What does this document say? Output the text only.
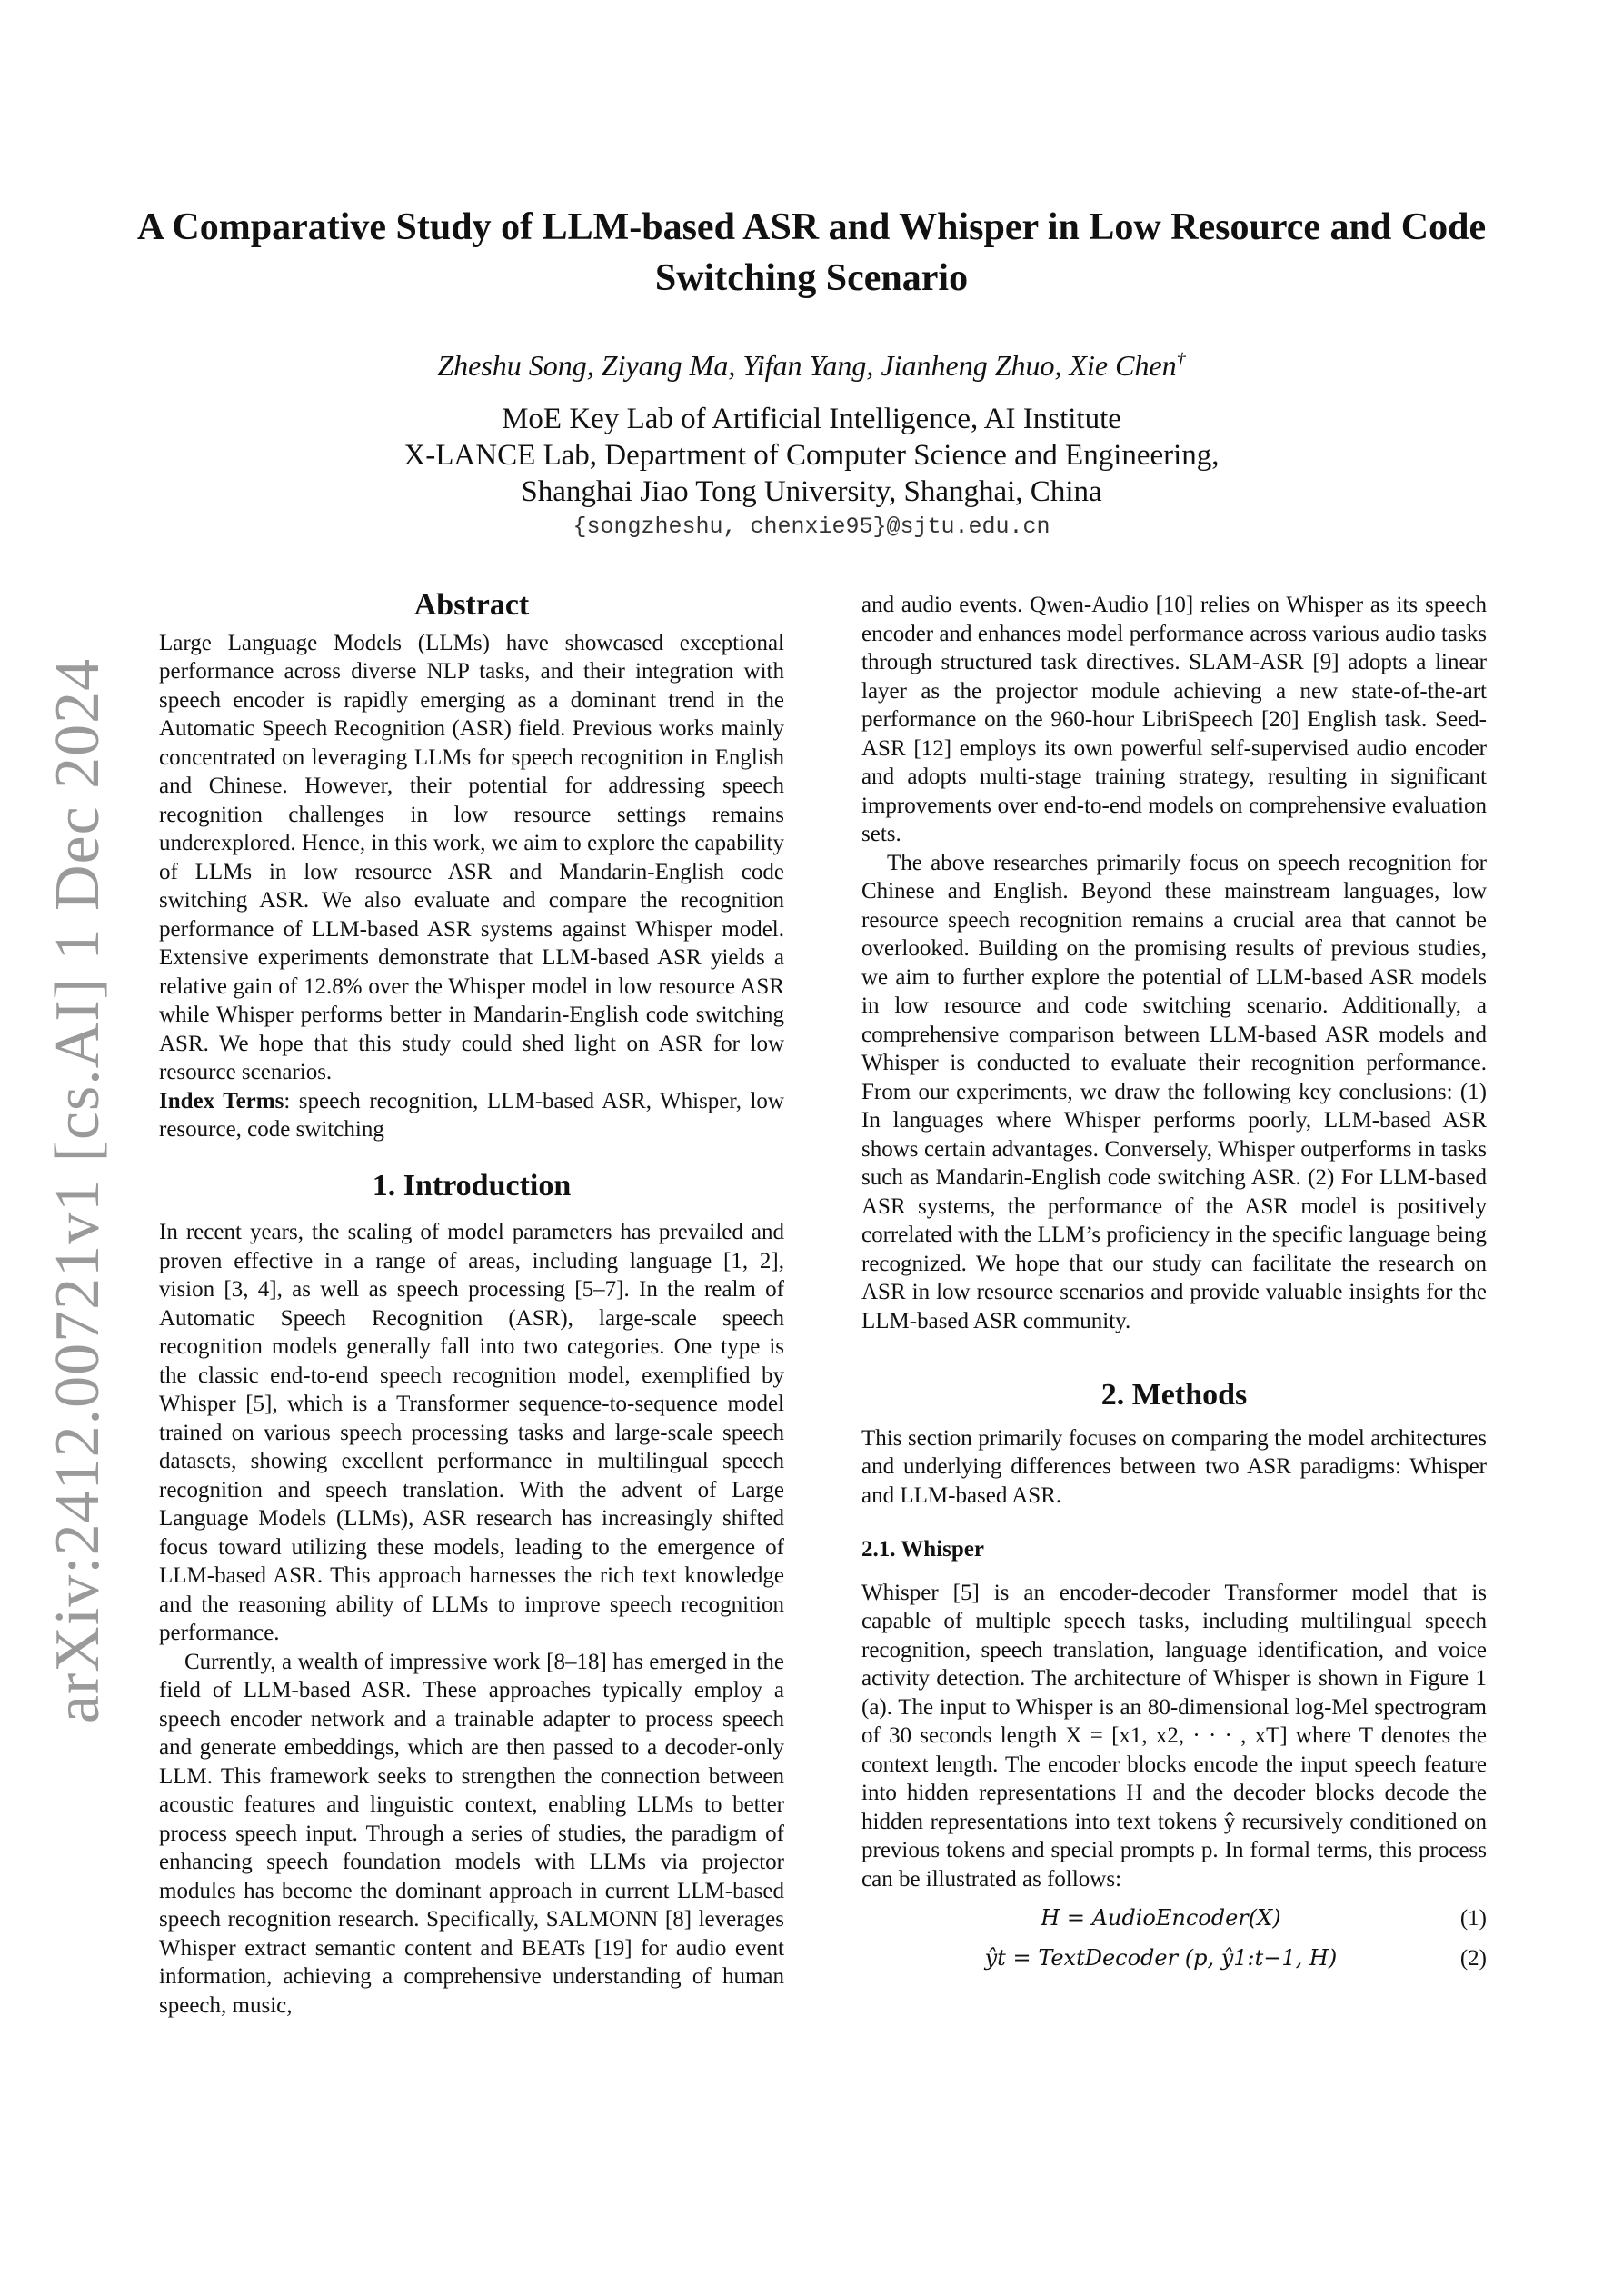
arXiv:2412.00721v1 [cs.AI] 1 Dec 2024
A Comparative Study of LLM-based ASR and Whisper in Low Resource and Code Switching Scenario
Zheshu Song, Ziyang Ma, Yifan Yang, Jianheng Zhuo, Xie Chen†
MoE Key Lab of Artificial Intelligence, AI Institute
X-LANCE Lab, Department of Computer Science and Engineering,
Shanghai Jiao Tong University, Shanghai, China
{songzheshu, chenxie95}@sjtu.edu.cn
Abstract

Large Language Models (LLMs) have showcased exceptional performance across diverse NLP tasks, and their integration with speech encoder is rapidly emerging as a dominant trend in the Automatic Speech Recognition (ASR) field. Previous works mainly concentrated on leveraging LLMs for speech recognition in English and Chinese. However, their potential for addressing speech recognition challenges in low resource settings remains underexplored. Hence, in this work, we aim to explore the capability of LLMs in low resource ASR and Mandarin-English code switching ASR. We also evaluate and compare the recognition performance of LLM-based ASR systems against Whisper model. Extensive experiments demonstrate that LLM-based ASR yields a relative gain of 12.8% over the Whisper model in low resource ASR while Whisper performs better in Mandarin-English code switching ASR. We hope that this study could shed light on ASR for low resource scenarios.

Index Terms: speech recognition, LLM-based ASR, Whisper, low resource, code switching

1. Introduction

In recent years, the scaling of model parameters has prevailed and proven effective in a range of areas, including language [1, 2], vision [3, 4], as well as speech processing [5–7]. In the realm of Automatic Speech Recognition (ASR), large-scale speech recognition models generally fall into two categories. One type is the classic end-to-end speech recognition model, exemplified by Whisper [5], which is a Transformer sequence-to-sequence model trained on various speech processing tasks and large-scale speech datasets, showing excellent performance in multilingual speech recognition and speech translation. With the advent of Large Language Models (LLMs), ASR research has increasingly shifted focus toward utilizing these models, leading to the emergence of LLM-based ASR. This approach harnesses the rich text knowledge and the reasoning ability of LLMs to improve speech recognition performance.

Currently, a wealth of impressive work [8–18] has emerged in the field of LLM-based ASR. These approaches typically employ a speech encoder network and a trainable adapter to process speech and generate embeddings, which are then passed to a decoder-only LLM. This framework seeks to strengthen the connection between acoustic features and linguistic context, enabling LLMs to better process speech input. Through a series of studies, the paradigm of enhancing speech foundation models with LLMs via projector modules has become the dominant approach in current LLM-based speech recognition research. Specifically, SALMONN [8] leverages Whisper extract semantic content and BEATs [19] for audio event information, achieving a comprehensive understanding of human speech, music,

and audio events. Qwen-Audio [10] relies on Whisper as its speech encoder and enhances model performance across various audio tasks through structured task directives. SLAM-ASR [9] adopts a linear layer as the projector module achieving a new state-of-the-art performance on the 960-hour LibriSpeech [20] English task. Seed-ASR [12] employs its own powerful self-supervised audio encoder and adopts multi-stage training strategy, resulting in significant improvements over end-to-end models on comprehensive evaluation sets.

The above researches primarily focus on speech recognition for Chinese and English. Beyond these mainstream languages, low resource speech recognition remains a crucial area that cannot be overlooked. Building on the promising results of previous studies, we aim to further explore the potential of LLM-based ASR models in low resource and code switching scenario. Additionally, a comprehensive comparison between LLM-based ASR models and Whisper is conducted to evaluate their recognition performance. From our experiments, we draw the following key conclusions: (1) In languages where Whisper performs poorly, LLM-based ASR shows certain advantages. Conversely, Whisper outperforms in tasks such as Mandarin-English code switching ASR. (2) For LLM-based ASR systems, the performance of the ASR model is positively correlated with the LLM’s proficiency in the specific language being recognized. We hope that our study can facilitate the research on ASR in low resource scenarios and provide valuable insights for the LLM-based ASR community.

2. Methods

This section primarily focuses on comparing the model architectures and underlying differences between two ASR paradigms: Whisper and LLM-based ASR.

2.1. Whisper

Whisper [5] is an encoder-decoder Transformer model that is capable of multiple speech tasks, including multilingual speech recognition, speech translation, language identification, and voice activity detection. The architecture of Whisper is shown in Figure 1 (a). The input to Whisper is an 80-dimensional log-Mel spectrogram of 30 seconds length X = [x1, x2, · · · , xT] where T denotes the context length. The encoder blocks encode the input speech feature into hidden representations H and the decoder blocks decode the hidden representations into text tokens ŷ recursively conditioned on previous tokens and special prompts p. In formal terms, this process can be illustrated as follows:

H = AudioEncoder(X)	(1)
ŷt = TextDecoder (p, ŷ1:t−1, H)	(2)
